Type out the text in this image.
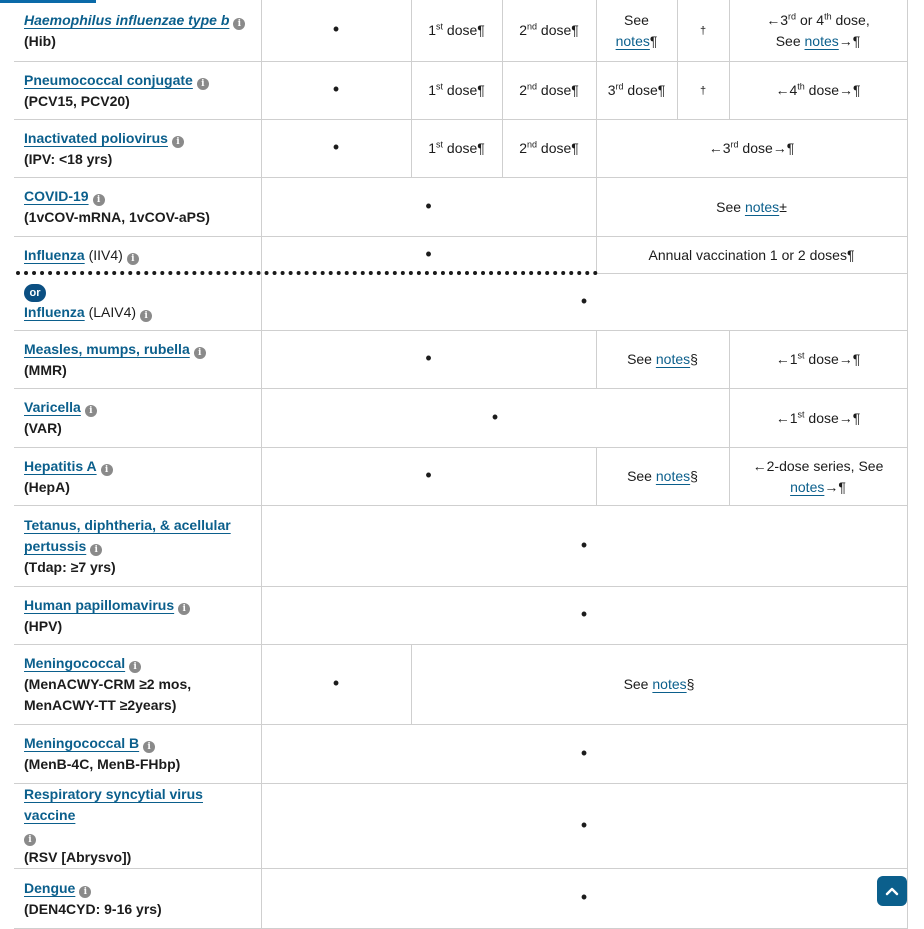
Haemophilus influenzae type b i
(Hib)	•	1st dose¶	2nd dose¶	See
notes¶	†	←3rd or 4th dose,
See notes→¶
Pneumococcal conjugate i
(PCV15, PCV20)	•	1st dose¶	2nd dose¶	3rd dose¶	†	←4th dose→¶
Inactivated poliovirus i
(IPV: <18 yrs)	•	1st dose¶	2nd dose¶	←3rd dose→¶		
COVID-19 i
(1vCOV-mRNA, 1vCOV-aPS)	•			See notes±		
Influenza (IIV4) i	•			Annual vaccination 1 or 2 doses¶		
or
Influenza (LAIV4) i	•					
Measles, mumps, rubella i
(MMR)	•			See notes§		←1st dose→¶
Varicella i
(VAR)	•					←1st dose→¶
Hepatitis A i
(HepA)	•			See notes§		←2-dose series, See
notes→¶
Tetanus, diphtheria, & acellular
pertussis i
(Tdap: ≥7 yrs)	•					
Human papillomavirus i
(HPV)	•					
Meningococcal i
(MenACWY-CRM ≥2 mos,
MenACWY-TT ≥2years)	•	See notes§				
Meningococcal B i
(MenB-4C, MenB-FHbp)	•					
Respiratory syncytial virus vaccine
i
(RSV [Abrysvo])	•					
Dengue i
(DEN4CYD: 9-16 yrs)	•					
